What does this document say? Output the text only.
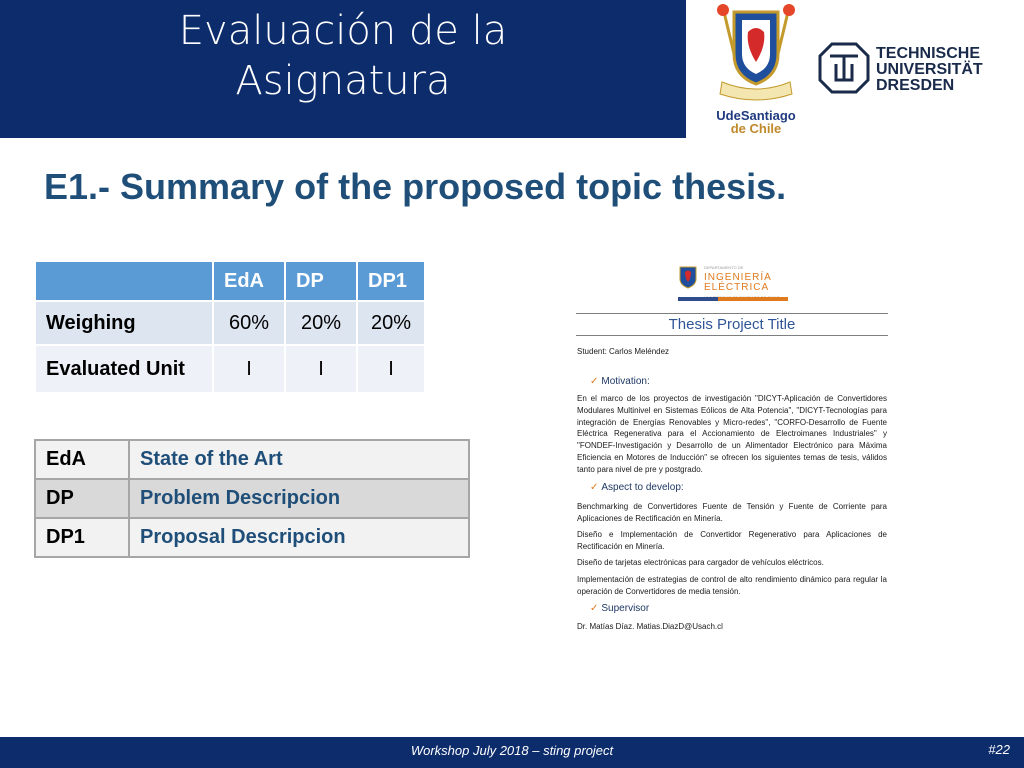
Evaluación de la
Asignatura
UdeSantiago
de Chile
TECHNISCHE
UNIVERSITÄT
DRESDEN
E1.- Summary of the proposed topic thesis.
	EdA	DP	DP1
Weighing	60%	20%	20%
Evaluated Unit	I	I	I
EdA	State of the Art
DP	Problem Descripcion
DP1	Proposal Descripcion
DEPARTAMENTO DE
INGENIERÍA
ELÉCTRICA
Thesis Project Title
Student: Carlos Meléndez
✓ Motivation:
En el marco de los proyectos de investigación "DICYT-Aplicación de Convertidores Modulares Multinivel en Sistemas Eólicos de Alta Potencia", "DICYT-Tecnologías para integración de Energías Renovables y Micro-redes", "CORFO-Desarrollo de Fuente Eléctrica Regenerativa para el Accionamiento de Electroimanes Industriales" y "FONDEF-Investigación y Desarrollo de un Alimentador Electrónico para Máxima Eficiencia en Motores de Inducción" se ofrecen los siguientes temas de tesis, válidos tanto para nivel de pre y postgrado.
✓ Aspect to develop:
Benchmarking de Convertidores Fuente de Tensión y Fuente de Corriente para Aplicaciones de Rectificación en Minería.
Diseño e Implementación de Convertidor Regenerativo para Aplicaciones de Rectificación en Minería.
Diseño de tarjetas electrónicas para cargador de vehículos eléctricos.
Implementación de estrategias de control de alto rendimiento dinámico para regular la operación de Convertidores de media tensión.
✓ Supervisor
Dr. Matías Díaz. Matias.DiazD@Usach.cl
Workshop July 2018 – sting project	#22
